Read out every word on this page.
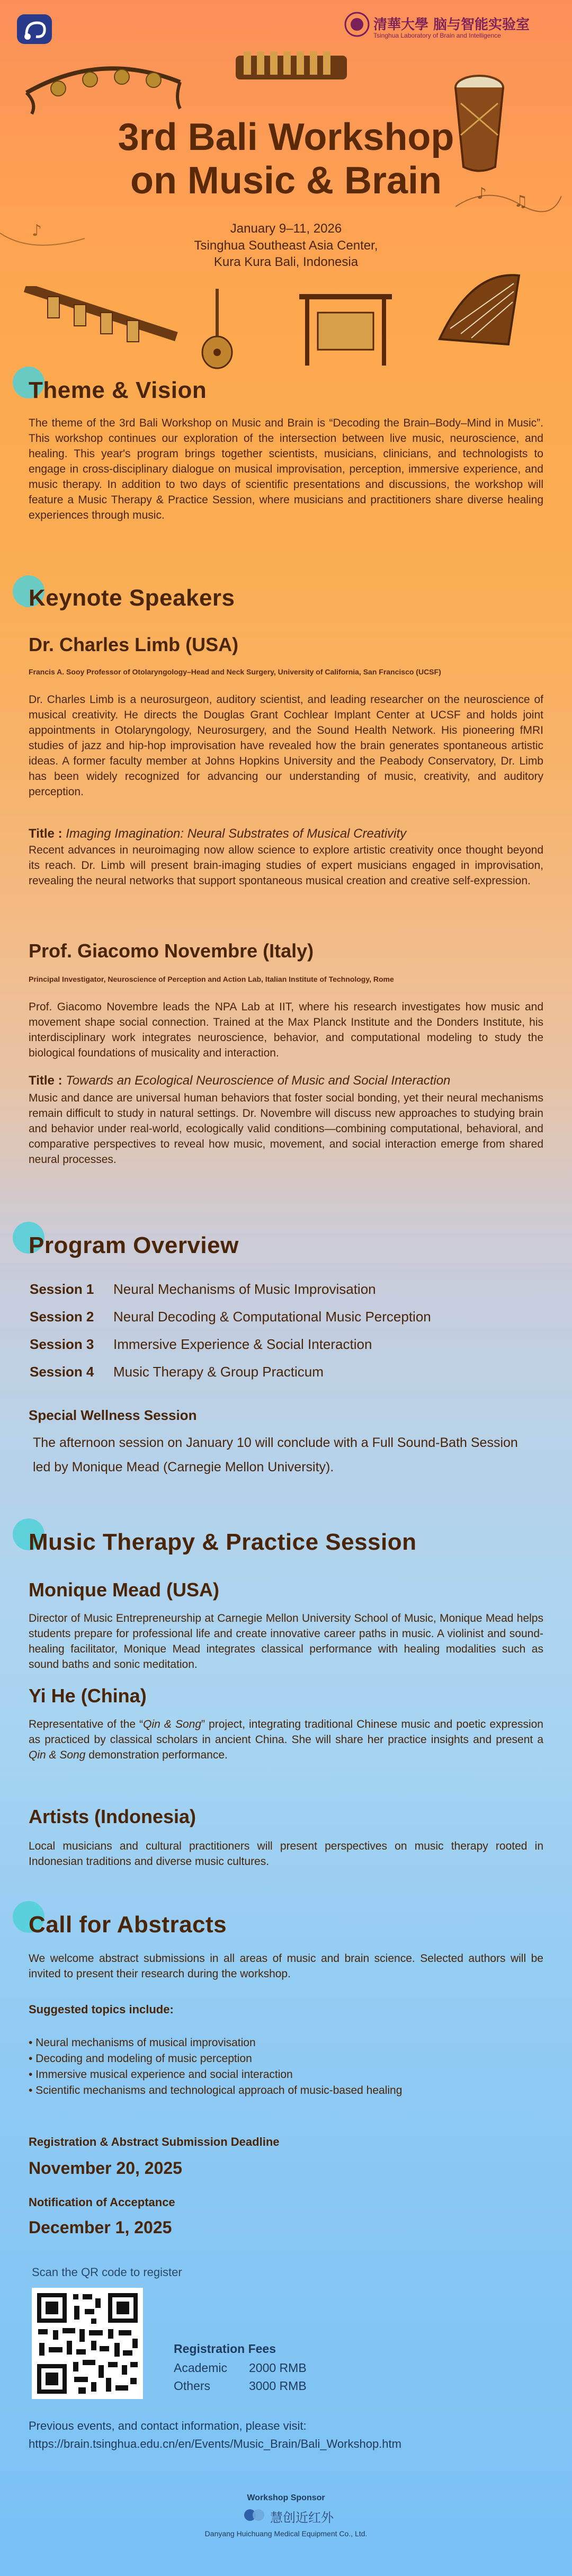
♪ ♫
♪
清華大學 脑与智能实验室
Tsinghua Laboratory of Brain and Intelligence
3rd Bali Workshop
on Music & Brain
January 9–11, 2026
Tsinghua Southeast Asia Center,
Kura Kura Bali, Indonesia
Theme & Vision
The theme of the 3rd Bali Workshop on Music and Brain is “Decoding the Brain–Body–Mind in Music”. This workshop continues our exploration of the intersection between live music, neuroscience, and healing. This year's program brings together scientists, musicians, clinicians, and technologists to engage in cross-disciplinary dialogue on musical improvisation, perception, immersive experience, and music therapy. In addition to two days of scientific presentations and discussions, the workshop will feature a Music Therapy & Practice Session, where musicians and practitioners share diverse healing experiences through music.
Keynote Speakers
Dr. Charles Limb (USA)
Francis A. Sooy Professor of Otolaryngology–Head and Neck Surgery, University of California, San Francisco (UCSF)
Dr. Charles Limb is a neurosurgeon, auditory scientist, and leading researcher on the neuroscience of musical creativity. He directs the Douglas Grant Cochlear Implant Center at UCSF and holds joint appointments in Otolaryngology, Neurosurgery, and the Sound Health Network. His pioneering fMRI studies of jazz and hip-hop improvisation have revealed how the brain generates spontaneous artistic ideas. A former faculty member at Johns Hopkins University and the Peabody Conservatory, Dr. Limb has been widely recognized for advancing our understanding of music, creativity, and auditory perception.
Title : Imaging Imagination: Neural Substrates of Musical Creativity
Recent advances in neuroimaging now allow science to explore artistic creativity once thought beyond its reach. Dr. Limb will present brain-imaging studies of expert musicians engaged in improvisation, revealing the neural networks that support spontaneous musical creation and creative self-expression.
Prof. Giacomo Novembre (Italy)
Principal Investigator, Neuroscience of Perception and Action Lab, Italian Institute of Technology, Rome
Prof. Giacomo Novembre leads the NPA Lab at IIT, where his research investigates how music and movement shape social connection. Trained at the Max Planck Institute and the Donders Institute, his interdisciplinary work integrates neuroscience, behavior, and computational modeling to study the biological foundations of musicality and interaction.
Title : Towards an Ecological Neuroscience of Music and Social Interaction
Music and dance are universal human behaviors that foster social bonding, yet their neural mechanisms remain difficult to study in natural settings. Dr. Novembre will discuss new approaches to studying brain and behavior under real-world, ecologically valid conditions—combining computational, behavioral, and comparative perspectives to reveal how music, movement, and social interaction emerge from shared neural processes.
Program Overview
Session 1 Neural Mechanisms of Music Improvisation
Session 2 Neural Decoding & Computational Music Perception
Session 3 Immersive Experience & Social Interaction
Session 4 Music Therapy & Group Practicum
Special Wellness Session
The afternoon session on January 10 will conclude with a Full Sound-Bath Session led by Monique Mead (Carnegie Mellon University).
Music Therapy & Practice Session
Monique Mead (USA)
Director of Music Entrepreneurship at Carnegie Mellon University School of Music, Monique Mead helps students prepare for professional life and create innovative career paths in music. A violinist and sound-healing facilitator, Monique Mead integrates classical performance with healing modalities such as sound baths and sonic meditation.
Yi He (China)
Representative of the “Qin & Song” project, integrating traditional Chinese music and poetic expression as practiced by classical scholars in ancient China. She will share her practice insights and present a Qin & Song demonstration performance.
Artists (Indonesia)
Local musicians and cultural practitioners will present perspectives on music therapy rooted in Indonesian traditions and diverse music cultures.
Call for Abstracts
We welcome abstract submissions in all areas of music and brain science. Selected authors will be invited to present their research during the workshop.
Suggested topics include:
• Neural mechanisms of musical improvisation
• Decoding and modeling of music perception
• Immersive musical experience and social interaction
• Scientific mechanisms and technological approach of music-based healing
Registration & Abstract Submission Deadline
November 20, 2025
Notification of Acceptance
December 1, 2025
Scan the QR code to register
Registration Fees
Academic 2000 RMB
Others	3000 RMB
Previous events, and contact information, please visit:
https://brain.tsinghua.edu.cn/en/Events/Music_Brain/Bali_Workshop.htm
Workshop Sponsor
慧创近红外
Danyang Huichuang Medical Equipment Co., Ltd.
